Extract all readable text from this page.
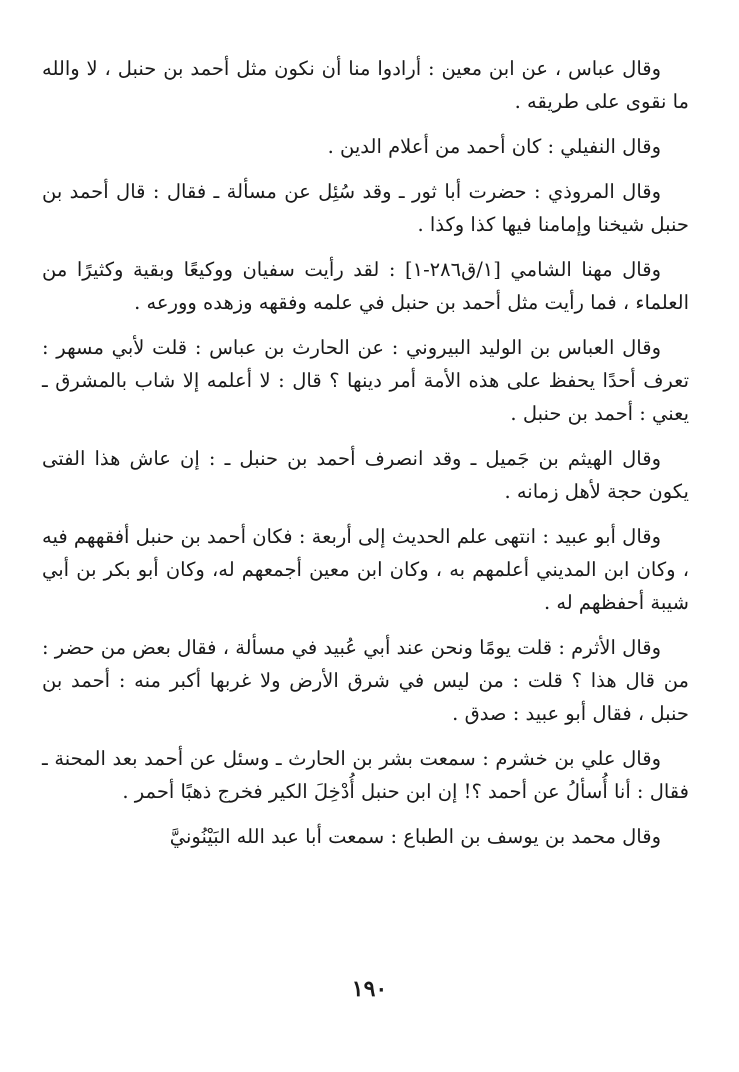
وقال عباس ، عن ابن معين : أرادوا منا أن نكون مثل أحمد بن حنبل ، لا والله ما نقوى على طريقه .

وقال النفيلي : كان أحمد من أعلام الدين .

وقال المروذي : حضرت أبا ثور ـ وقد سُئِل عن مسألة ـ فقال : قال أحمد بن حنبل شيخنا وإمامنا فيها كذا وكذا .

وقال مهنا الشامي [١/ق٢٨٦-١] : لقد رأيت سفيان ووكيعًا وبقية وكثيرًا من العلماء ، فما رأيت مثل أحمد بن حنبل في علمه وفقهه وزهده وورعه .

وقال العباس بن الوليد البيروني : عن الحارث بن عباس : قلت لأبي مسهر : تعرف أحدًا يحفظ على هذه الأمة أمر دينها ؟ قال : لا أعلمه إلا شاب بالمشرق ـ يعني : أحمد بن حنبل .

وقال الهيثم بن جَميل ـ وقد انصرف أحمد بن حنبل ـ : إن عاش هذا الفتى يكون حجة لأهل زمانه .

وقال أبو عبيد : انتهى علم الحديث إلى أربعة : فكان أحمد بن حنبل أفقههم فيه ، وكان ابن المديني أعلمهم به ، وكان ابن معين أجمعهم له، وكان أبو بكر بن أبي شيبة أحفظهم له .

وقال الأثرم : قلت يومًا ونحن عند أبي عُبيد في مسألة ، فقال بعض من حضر : من قال هذا ؟ قلت : من ليس في شرق الأرض ولا غربها أكبر منه : أحمد بن حنبل ، فقال أبو عبيد : صدق .

وقال علي بن خشرم : سمعت بشر بن الحارث ـ وسئل عن أحمد بعد المحنة ـ فقال : أنا أُسألُ عن أحمد ؟! إن ابن حنبل أُدْخِلَ الكير فخرج ذهبًا أحمر .

وقال محمد بن يوسف بن الطباع : سمعت أبا عبد الله البَيْنُونيَّ

١٩٠
